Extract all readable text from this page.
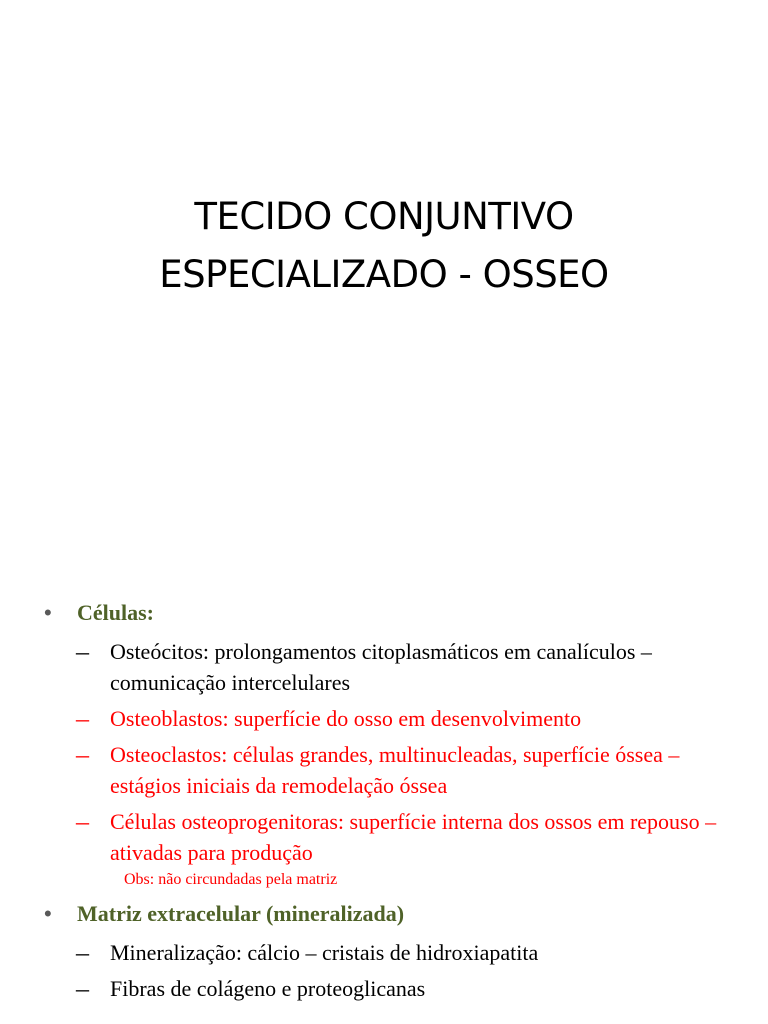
TECIDO CONJUNTIVO
ESPECIALIZADO - OSSEO
• Células:
– Osteócitos: prolongamentos citoplasmáticos em canalículos – comunicação intercelulares
– Osteoblastos: superfície do osso em desenvolvimento
– Osteoclastos: células grandes, multinucleadas, superfície óssea – estágios iniciais da remodelação óssea
– Células osteoprogenitoras: superfície interna dos ossos em repouso – ativadas para produção
Obs: não circundadas pela matriz
• Matriz extracelular (mineralizada)
– Mineralização: cálcio – cristais de hidroxiapatita
– Fibras de colágeno e proteoglicanas
